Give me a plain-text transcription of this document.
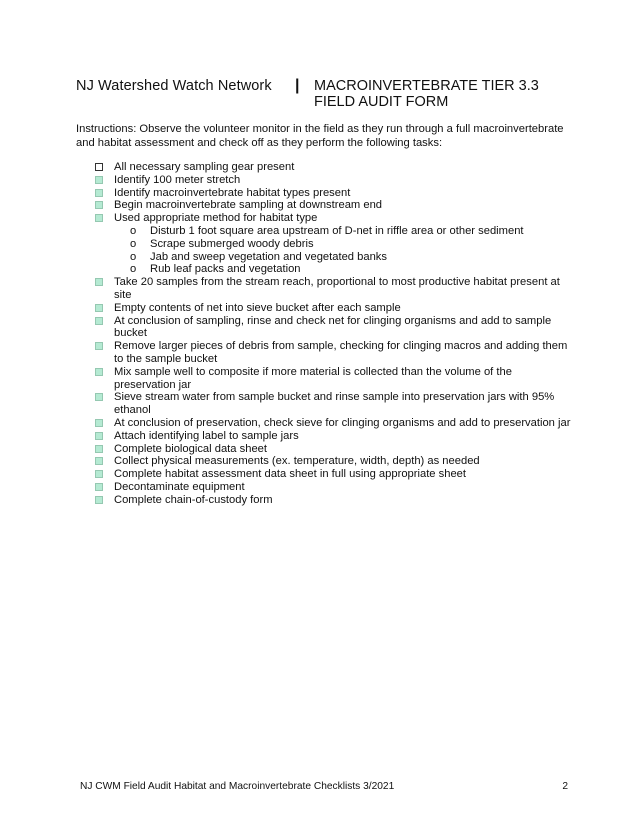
NJ Watershed Watch Network | MACROINVERTEBRATE TIER 3.3
FIELD AUDIT FORM
Instructions: Observe the volunteer monitor in the field as they run through a full macroinvertebrate and habitat assessment and check off as they perform the following tasks:
All necessary sampling gear present
Identify 100 meter stretch
Identify macroinvertebrate habitat types present
Begin macroinvertebrate sampling at downstream end
Used appropriate method for habitat type
o Disturb 1 foot square area upstream of D-net in riffle area or other sediment
o Scrape submerged woody debris
o Jab and sweep vegetation and vegetated banks
o Rub leaf packs and vegetation
Take 20 samples from the stream reach, proportional to most productive habitat present at site
Empty contents of net into sieve bucket after each sample
At conclusion of sampling, rinse and check net for clinging organisms and add to sample bucket
Remove larger pieces of debris from sample, checking for clinging macros and adding them to the sample bucket
Mix sample well to composite if more material is collected than the volume of the preservation jar
Sieve stream water from sample bucket and rinse sample into preservation jars with 95% ethanol
At conclusion of preservation, check sieve for clinging organisms and add to preservation jar
Attach identifying label to sample jars
Complete biological data sheet
Collect physical measurements (ex. temperature, width, depth) as needed
Complete habitat assessment data sheet in full using appropriate sheet
Decontaminate equipment
Complete chain-of-custody form
NJ CWM Field Audit Habitat and Macroinvertebrate Checklists 3/2021	2
